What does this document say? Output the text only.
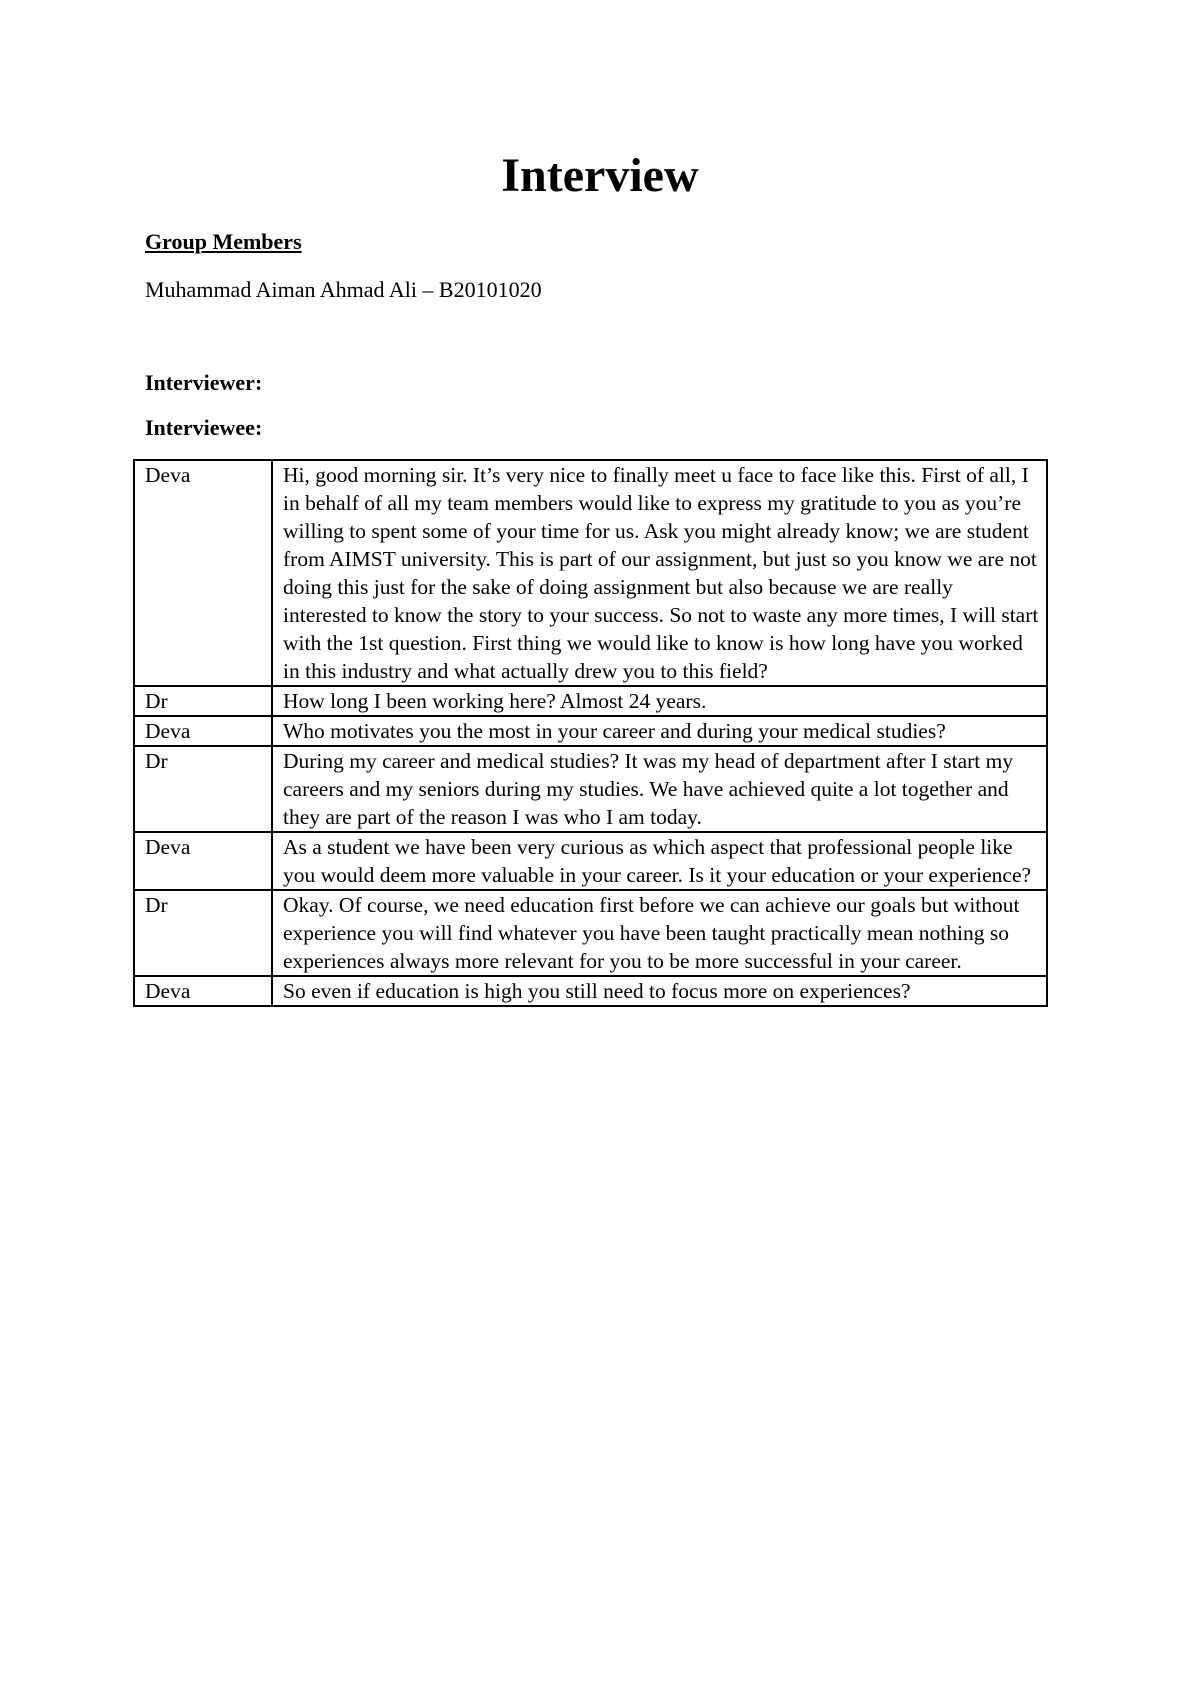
Interview

Group Members

Muhammad Aiman Ahmad Ali – B20101020

Interviewer:

Interviewee:

Deva	Hi, good morning sir. It’s very nice to finally meet u face to face like this. First of all, I in behalf of all my team members would like to express my gratitude to you as you’re willing to spent some of your time for us. Ask you might already know; we are student from AIMST university. This is part of our assignment, but just so you know we are not doing this just for the sake of doing assignment but also because we are really interested to know the story to your success. So not to waste any more times, I will start with the 1st question. First thing we would like to know is how long have you worked in this industry and what actually drew you to this field?
Dr	How long I been working here? Almost 24 years.
Deva	Who motivates you the most in your career and during your medical studies?
Dr	During my career and medical studies? It was my head of department after I start my careers and my seniors during my studies. We have achieved quite a lot together and they are part of the reason I was who I am today.
Deva	As a student we have been very curious as which aspect that professional people like you would deem more valuable in your career. Is it your education or your experience?
Dr	Okay. Of course, we need education first before we can achieve our goals but without experience you will find whatever you have been taught practically mean nothing so experiences always more relevant for you to be more successful in your career.
Deva	So even if education is high you still need to focus more on experiences?
